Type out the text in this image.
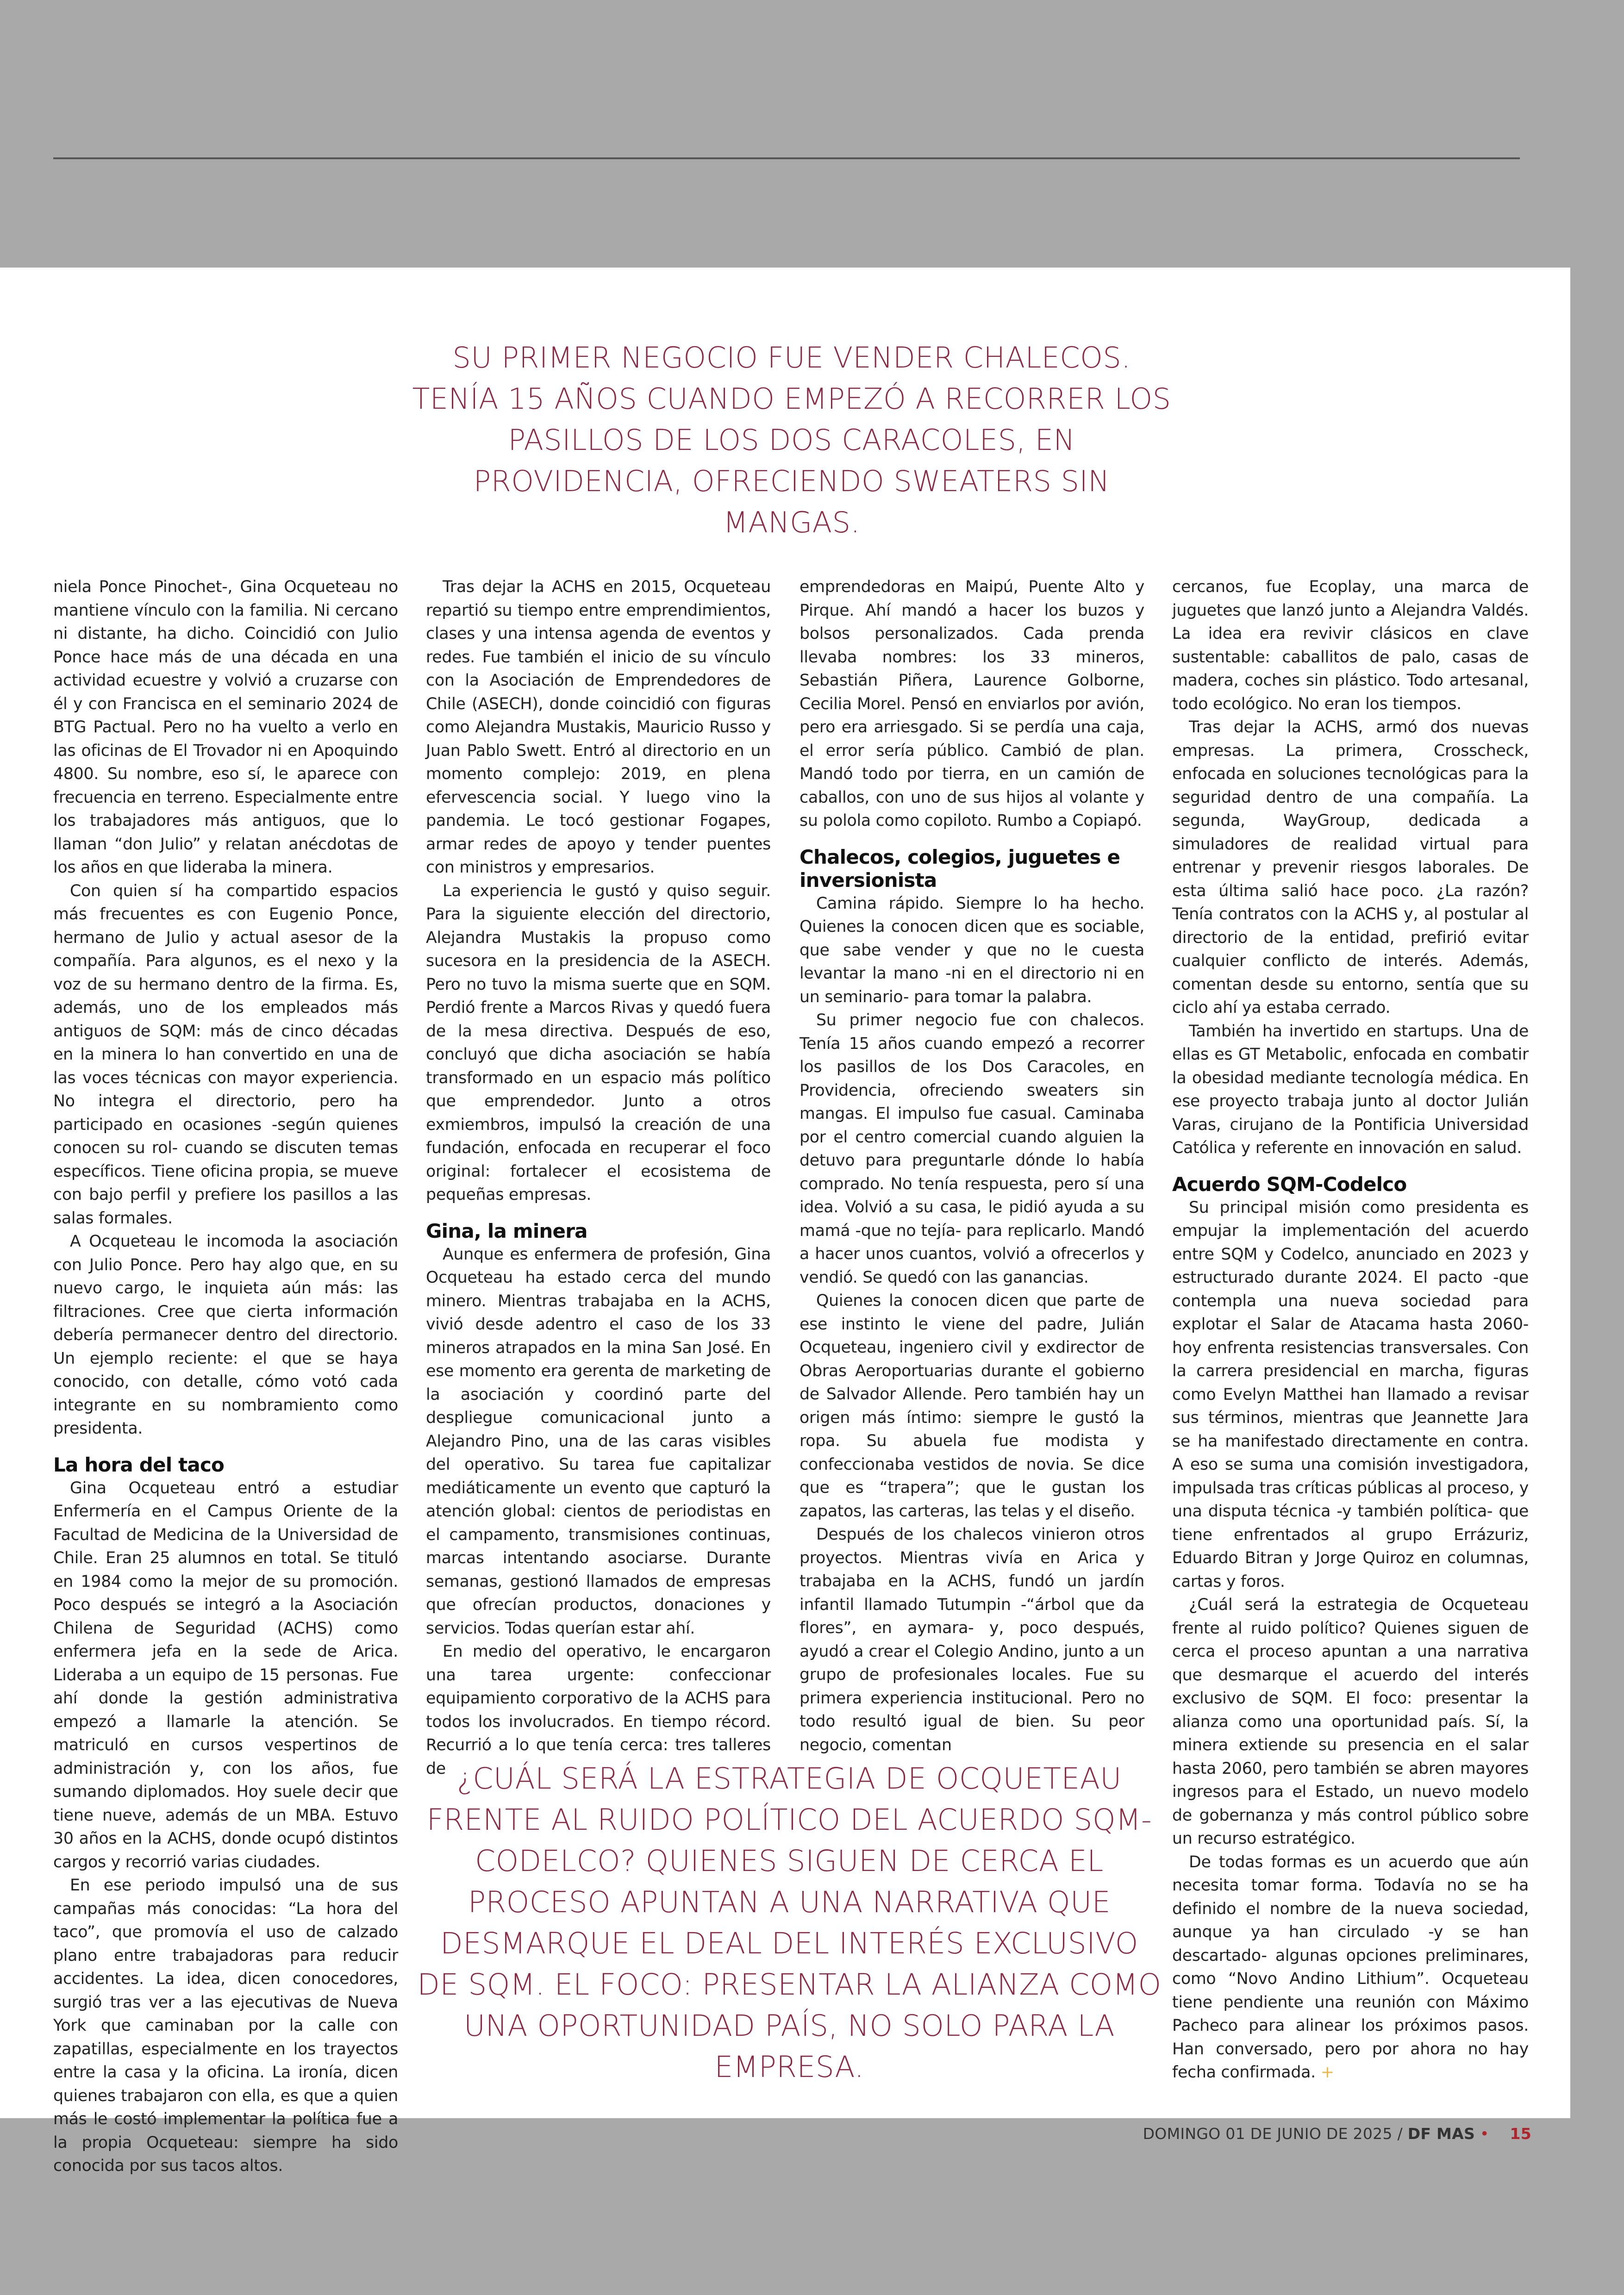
SU PRIMER NEGOCIO FUE VENDER CHALECOS. TENÍA 15 AÑOS CUANDO EMPEZÓ A RECORRER LOS PASILLOS DE LOS DOS CARACOLES, EN PROVIDENCIA, OFRECIENDO SWEATERS SIN MANGAS.

niela Ponce Pinochet-, Gina Ocqueteau no mantiene vínculo con la familia. Ni cercano ni distante, ha dicho. Coincidió con Julio Ponce hace más de una década en una actividad ecuestre y volvió a cruzarse con él y con Francisca en el seminario 2024 de BTG Pactual. Pero no ha vuelto a verlo en las oficinas de El Trovador ni en Apoquindo 4800. Su nombre, eso sí, le aparece con frecuencia en terreno. Especialmente entre los trabajadores más antiguos, que lo llaman “don Julio” y relatan anécdotas de los años en que lideraba la minera.

Con quien sí ha compartido espacios más frecuentes es con Eugenio Ponce, hermano de Julio y actual asesor de la compañía. Para algunos, es el nexo y la voz de su hermano dentro de la firma. Es, además, uno de los empleados más antiguos de SQM: más de cinco décadas en la minera lo han convertido en una de las voces técnicas con mayor experiencia. No integra el directorio, pero ha participado en ocasiones -según quienes conocen su rol- cuando se discuten temas específicos. Tiene oficina propia, se mueve con bajo perfil y prefiere los pasillos a las salas formales.

A Ocqueteau le incomoda la asociación con Julio Ponce. Pero hay algo que, en su nuevo cargo, le inquieta aún más: las filtraciones. Cree que cierta información debería permanecer dentro del directorio. Un ejemplo reciente: el que se haya conocido, con detalle, cómo votó cada integrante en su nombramiento como presidenta.

La hora del taco

Gina Ocqueteau entró a estudiar Enfermería en el Campus Oriente de la Facultad de Medicina de la Universidad de Chile. Eran 25 alumnos en total. Se tituló en 1984 como la mejor de su promoción. Poco después se integró a la Asociación Chilena de Seguridad (ACHS) como enfermera jefa en la sede de Arica. Lideraba a un equipo de 15 personas. Fue ahí donde la gestión administrativa empezó a llamarle la atención. Se matriculó en cursos vespertinos de administración y, con los años, fue sumando diplomados. Hoy suele decir que tiene nueve, además de un MBA. Estuvo 30 años en la ACHS, donde ocupó distintos cargos y recorrió varias ciudades.

En ese periodo impulsó una de sus campañas más conocidas: “La hora del taco”, que promovía el uso de calzado plano entre trabajadoras para reducir accidentes. La idea, dicen conocedores, surgió tras ver a las ejecutivas de Nueva York que caminaban por la calle con zapatillas, especialmente en los trayectos entre la casa y la oficina. La ironía, dicen quienes trabajaron con ella, es que a quien más le costó implementar la política fue a la propia Ocqueteau: siempre ha sido conocida por sus tacos altos.

Tras dejar la ACHS en 2015, Ocqueteau repartió su tiempo entre emprendimientos, clases y una intensa agenda de eventos y redes. Fue también el inicio de su vínculo con la Asociación de Emprendedores de Chile (ASECH), donde coincidió con figuras como Alejandra Mustakis, Mauricio Russo y Juan Pablo Swett. Entró al directorio en un momento complejo: 2019, en plena efervescencia social. Y luego vino la pandemia. Le tocó gestionar Fogapes, armar redes de apoyo y tender puentes con ministros y empresarios.

La experiencia le gustó y quiso seguir. Para la siguiente elección del directorio, Alejandra Mustakis la propuso como sucesora en la presidencia de la ASECH. Pero no tuvo la misma suerte que en SQM. Perdió frente a Marcos Rivas y quedó fuera de la mesa directiva. Después de eso, concluyó que dicha asociación se había transformado en un espacio más político que emprendedor. Junto a otros exmiembros, impulsó la creación de una fundación, enfocada en recuperar el foco original: fortalecer el ecosistema de pequeñas empresas.

Gina, la minera

Aunque es enfermera de profesión, Gina Ocqueteau ha estado cerca del mundo minero. Mientras trabajaba en la ACHS, vivió desde adentro el caso de los 33 mineros atrapados en la mina San José. En ese momento era gerenta de marketing de la asociación y coordinó parte del despliegue comunicacional junto a Alejandro Pino, una de las caras visibles del operativo. Su tarea fue capitalizar mediáticamente un evento que capturó la atención global: cientos de periodistas en el campamento, transmisiones continuas, marcas intentando asociarse. Durante semanas, gestionó llamados de empresas que ofrecían productos, donaciones y servicios. Todas querían estar ahí.

En medio del operativo, le encargaron una tarea urgente: confeccionar equipamiento corporativo de la ACHS para todos los involucrados. En tiempo récord. Recurrió a lo que tenía cerca: tres talleres de

emprendedoras en Maipú, Puente Alto y Pirque. Ahí mandó a hacer los buzos y bolsos personalizados. Cada prenda llevaba nombres: los 33 mineros, Sebastián Piñera, Laurence Golborne, Cecilia Morel. Pensó en enviarlos por avión, pero era arriesgado. Si se perdía una caja, el error sería público. Cambió de plan. Mandó todo por tierra, en un camión de caballos, con uno de sus hijos al volante y su polola como copiloto. Rumbo a Copiapó.

Chalecos, colegios, juguetes e inversionista

Camina rápido. Siempre lo ha hecho. Quienes la conocen dicen que es sociable, que sabe vender y que no le cuesta levantar la mano -ni en el directorio ni en un seminario- para tomar la palabra.

Su primer negocio fue con chalecos. Tenía 15 años cuando empezó a recorrer los pasillos de los Dos Caracoles, en Providencia, ofreciendo sweaters sin mangas. El impulso fue casual. Caminaba por el centro comercial cuando alguien la detuvo para preguntarle dónde lo había comprado. No tenía respuesta, pero sí una idea. Volvió a su casa, le pidió ayuda a su mamá -que no tejía- para replicarlo. Mandó a hacer unos cuantos, volvió a ofrecerlos y vendió. Se quedó con las ganancias.

Quienes la conocen dicen que parte de ese instinto le viene del padre, Julián Ocqueteau, ingeniero civil y exdirector de Obras Aeroportuarias durante el gobierno de Salvador Allende. Pero también hay un origen más íntimo: siempre le gustó la ropa. Su abuela fue modista y confeccionaba vestidos de novia. Se dice que es “trapera”; que le gustan los zapatos, las carteras, las telas y el diseño.

Después de los chalecos vinieron otros proyectos. Mientras vivía en Arica y trabajaba en la ACHS, fundó un jardín infantil llamado Tutumpin -“árbol que da flores”, en aymara- y, poco después, ayudó a crear el Colegio Andino, junto a un grupo de profesionales locales. Fue su primera experiencia institucional. Pero no todo resultó igual de bien. Su peor negocio, comentan

cercanos, fue Ecoplay, una marca de juguetes que lanzó junto a Alejandra Valdés. La idea era revivir clásicos en clave sustentable: caballitos de palo, casas de madera, coches sin plástico. Todo artesanal, todo ecológico. No eran los tiempos.

Tras dejar la ACHS, armó dos nuevas empresas. La primera, Crosscheck, enfocada en soluciones tecnológicas para la seguridad dentro de una compañía. La segunda, WayGroup, dedicada a simuladores de realidad virtual para entrenar y prevenir riesgos laborales. De esta última salió hace poco. ¿La razón? Tenía contratos con la ACHS y, al postular al directorio de la entidad, prefirió evitar cualquier conflicto de interés. Además, comentan desde su entorno, sentía que su ciclo ahí ya estaba cerrado.

También ha invertido en startups. Una de ellas es GT Metabolic, enfocada en combatir la obesidad mediante tecnología médica. En ese proyecto trabaja junto al doctor Julián Varas, cirujano de la Pontificia Universidad Católica y referente en innovación en salud.

Acuerdo SQM-Codelco

Su principal misión como presidenta es empujar la implementación del acuerdo entre SQM y Codelco, anunciado en 2023 y estructurado durante 2024. El pacto -que contempla una nueva sociedad para explotar el Salar de Atacama hasta 2060- hoy enfrenta resistencias transversales. Con la carrera presidencial en marcha, figuras como Evelyn Matthei han llamado a revisar sus términos, mientras que Jeannette Jara se ha manifestado directamente en contra. A eso se suma una comisión investigadora, impulsada tras críticas públicas al proceso, y una disputa técnica -y también política- que tiene enfrentados al grupo Errázuriz, Eduardo Bitran y Jorge Quiroz en columnas, cartas y foros.

¿Cuál será la estrategia de Ocqueteau frente al ruido político? Quienes siguen de cerca el proceso apuntan a una narrativa que desmarque el acuerdo del interés exclusivo de SQM. El foco: presentar la alianza como una oportunidad país. Sí, la minera extiende su presencia en el salar hasta 2060, pero también se abren mayores ingresos para el Estado, un nuevo modelo de gobernanza y más control público sobre un recurso estratégico.

De todas formas es un acuerdo que aún necesita tomar forma. Todavía no se ha definido el nombre de la nueva sociedad, aunque ya han circulado -y se han descartado- algunas opciones preliminares, como “Novo Andino Lithium”. Ocqueteau tiene pendiente una reunión con Máximo Pacheco para alinear los próximos pasos. Han conversado, pero por ahora no hay fecha confirmada. +

¿CUÁL SERÁ LA ESTRATEGIA DE OCQUETEAU FRENTE AL RUIDO POLÍTICO DEL ACUERDO SQM-CODELCO? QUIENES SIGUEN DE CERCA EL PROCESO APUNTAN A UNA NARRATIVA QUE DESMARQUE EL DEAL DEL INTERÉS EXCLUSIVO DE SQM. EL FOCO: PRESENTAR LA ALIANZA COMO UNA OPORTUNIDAD PAÍS, NO SOLO PARA LA EMPRESA.
DOMINGO 01 DE JUNIO DE 2025 / DF MAS • 15
